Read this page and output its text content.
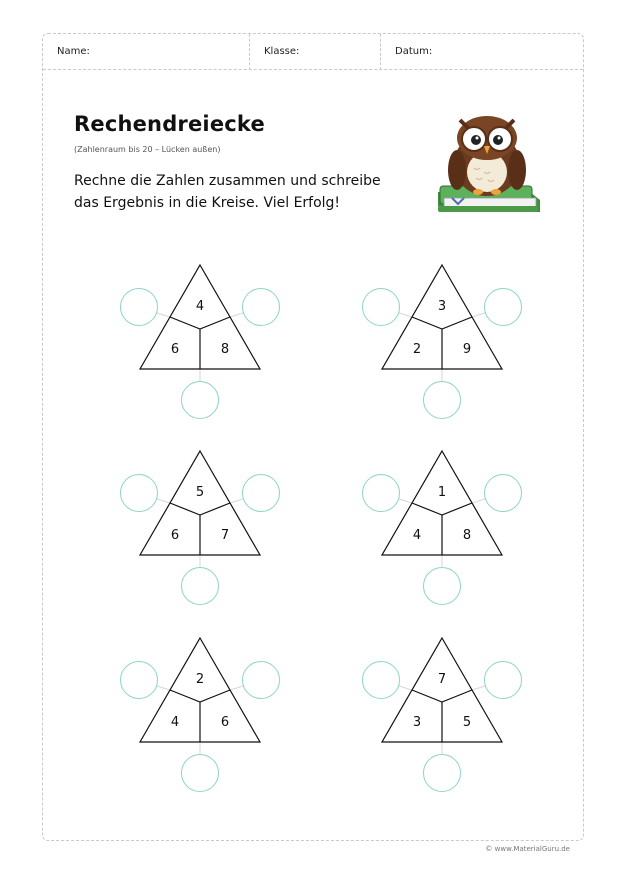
Name:	Klasse:	Datum:
Rechendreiecke
(Zahlenraum bis 20 – Lücken außen)
Rechne die Zahlen zusammen und schreibe das Ergebnis in die Kreise. Viel Erfolg!
4
6	8
3
2	9
5
6	7
1
4	8
2
4	6
7
3	5
© www.MaterialGuru.de
